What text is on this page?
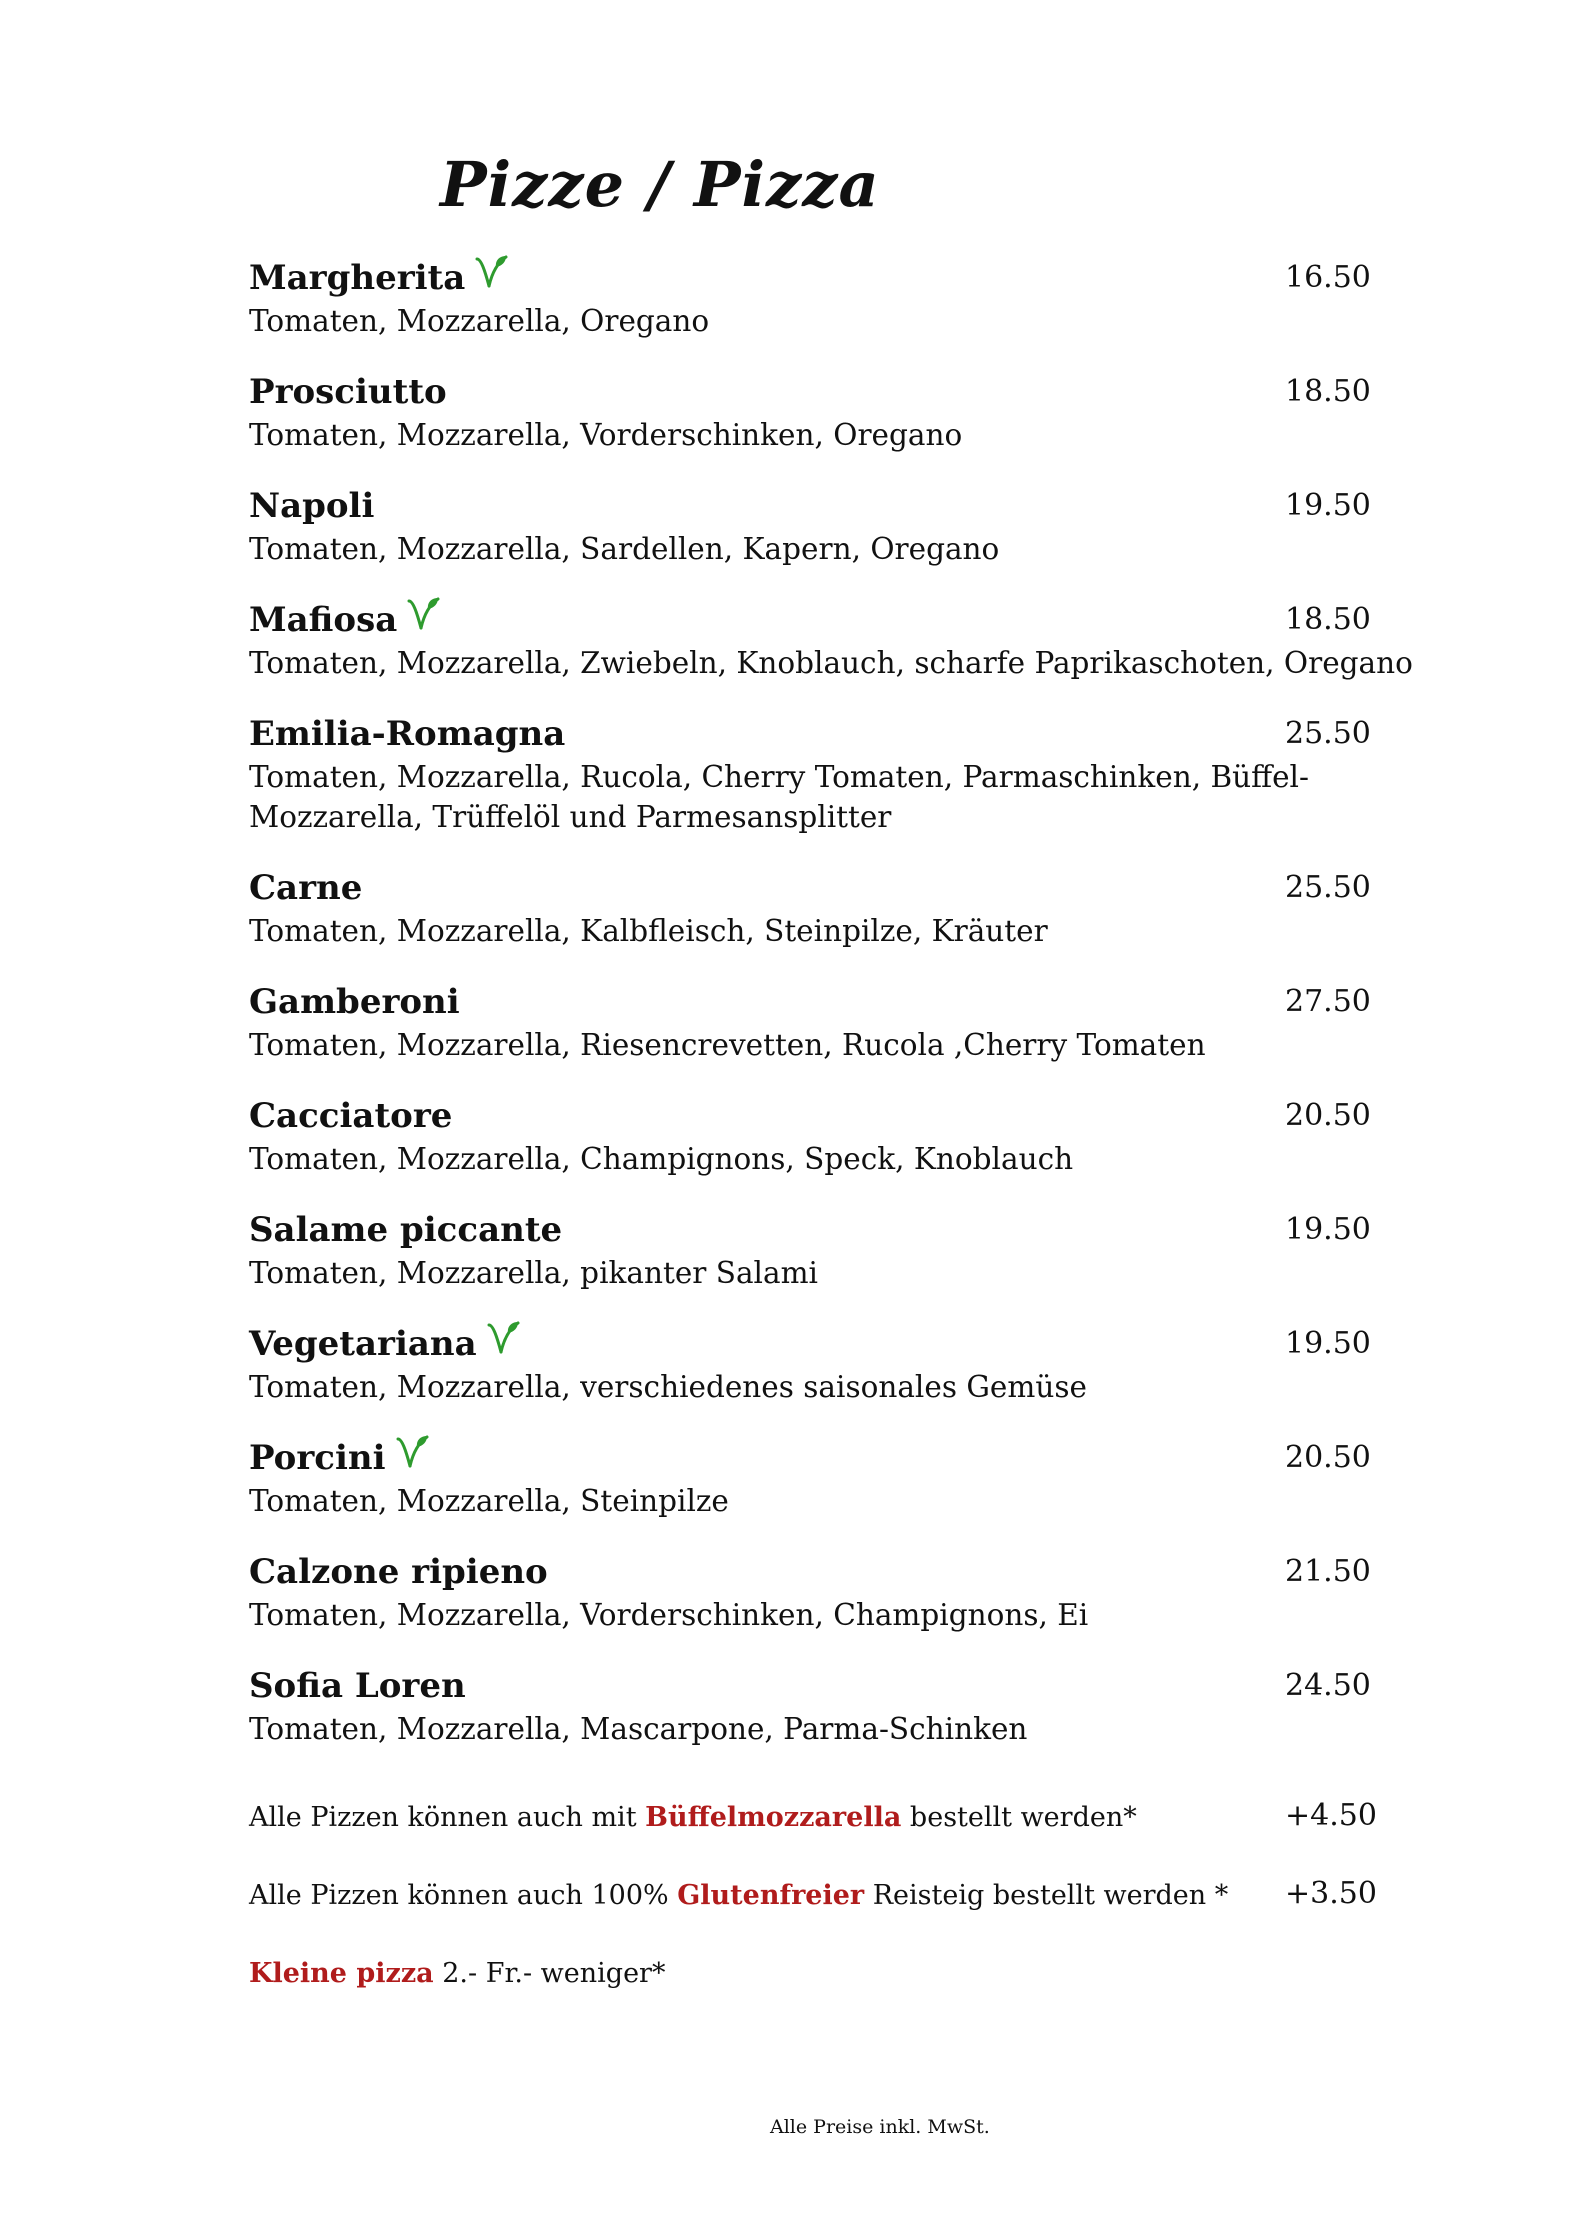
Pizze / Pizza
Margherita	16.50
Tomaten, Mozzarella, Oregano
Prosciutto	18.50
Tomaten, Mozzarella, Vorderschinken, Oregano
Napoli	19.50
Tomaten, Mozzarella, Sardellen, Kapern, Oregano
Mafiosa	18.50
Tomaten, Mozzarella, Zwiebeln, Knoblauch, scharfe Paprikaschoten, Oregano
Emilia-Romagna	25.50
Tomaten, Mozzarella, Rucola, Cherry Tomaten, Parmaschinken, Büffel-Mozzarella, Trüffelöl und Parmesansplitter
Carne	25.50
Tomaten, Mozzarella, Kalbfleisch, Steinpilze, Kräuter
Gamberoni	27.50
Tomaten, Mozzarella, Riesencrevetten, Rucola ,Cherry Tomaten
Cacciatore	20.50
Tomaten, Mozzarella, Champignons, Speck, Knoblauch
Salame piccante	19.50
Tomaten, Mozzarella, pikanter Salami
Vegetariana	19.50
Tomaten, Mozzarella, verschiedenes saisonales Gemüse
Porcini	20.50
Tomaten, Mozzarella, Steinpilze
Calzone ripieno	21.50
Tomaten, Mozzarella, Vorderschinken, Champignons, Ei
Sofia Loren	24.50
Tomaten, Mozzarella, Mascarpone, Parma-Schinken
Alle Pizzen können auch mit Büffelmozzarella bestellt werden*	+4.50
Alle Pizzen können auch 100% Glutenfreier Reisteig bestellt werden * +3.50
Kleine pizza 2.- Fr.- weniger*
Alle Preise inkl. MwSt.
